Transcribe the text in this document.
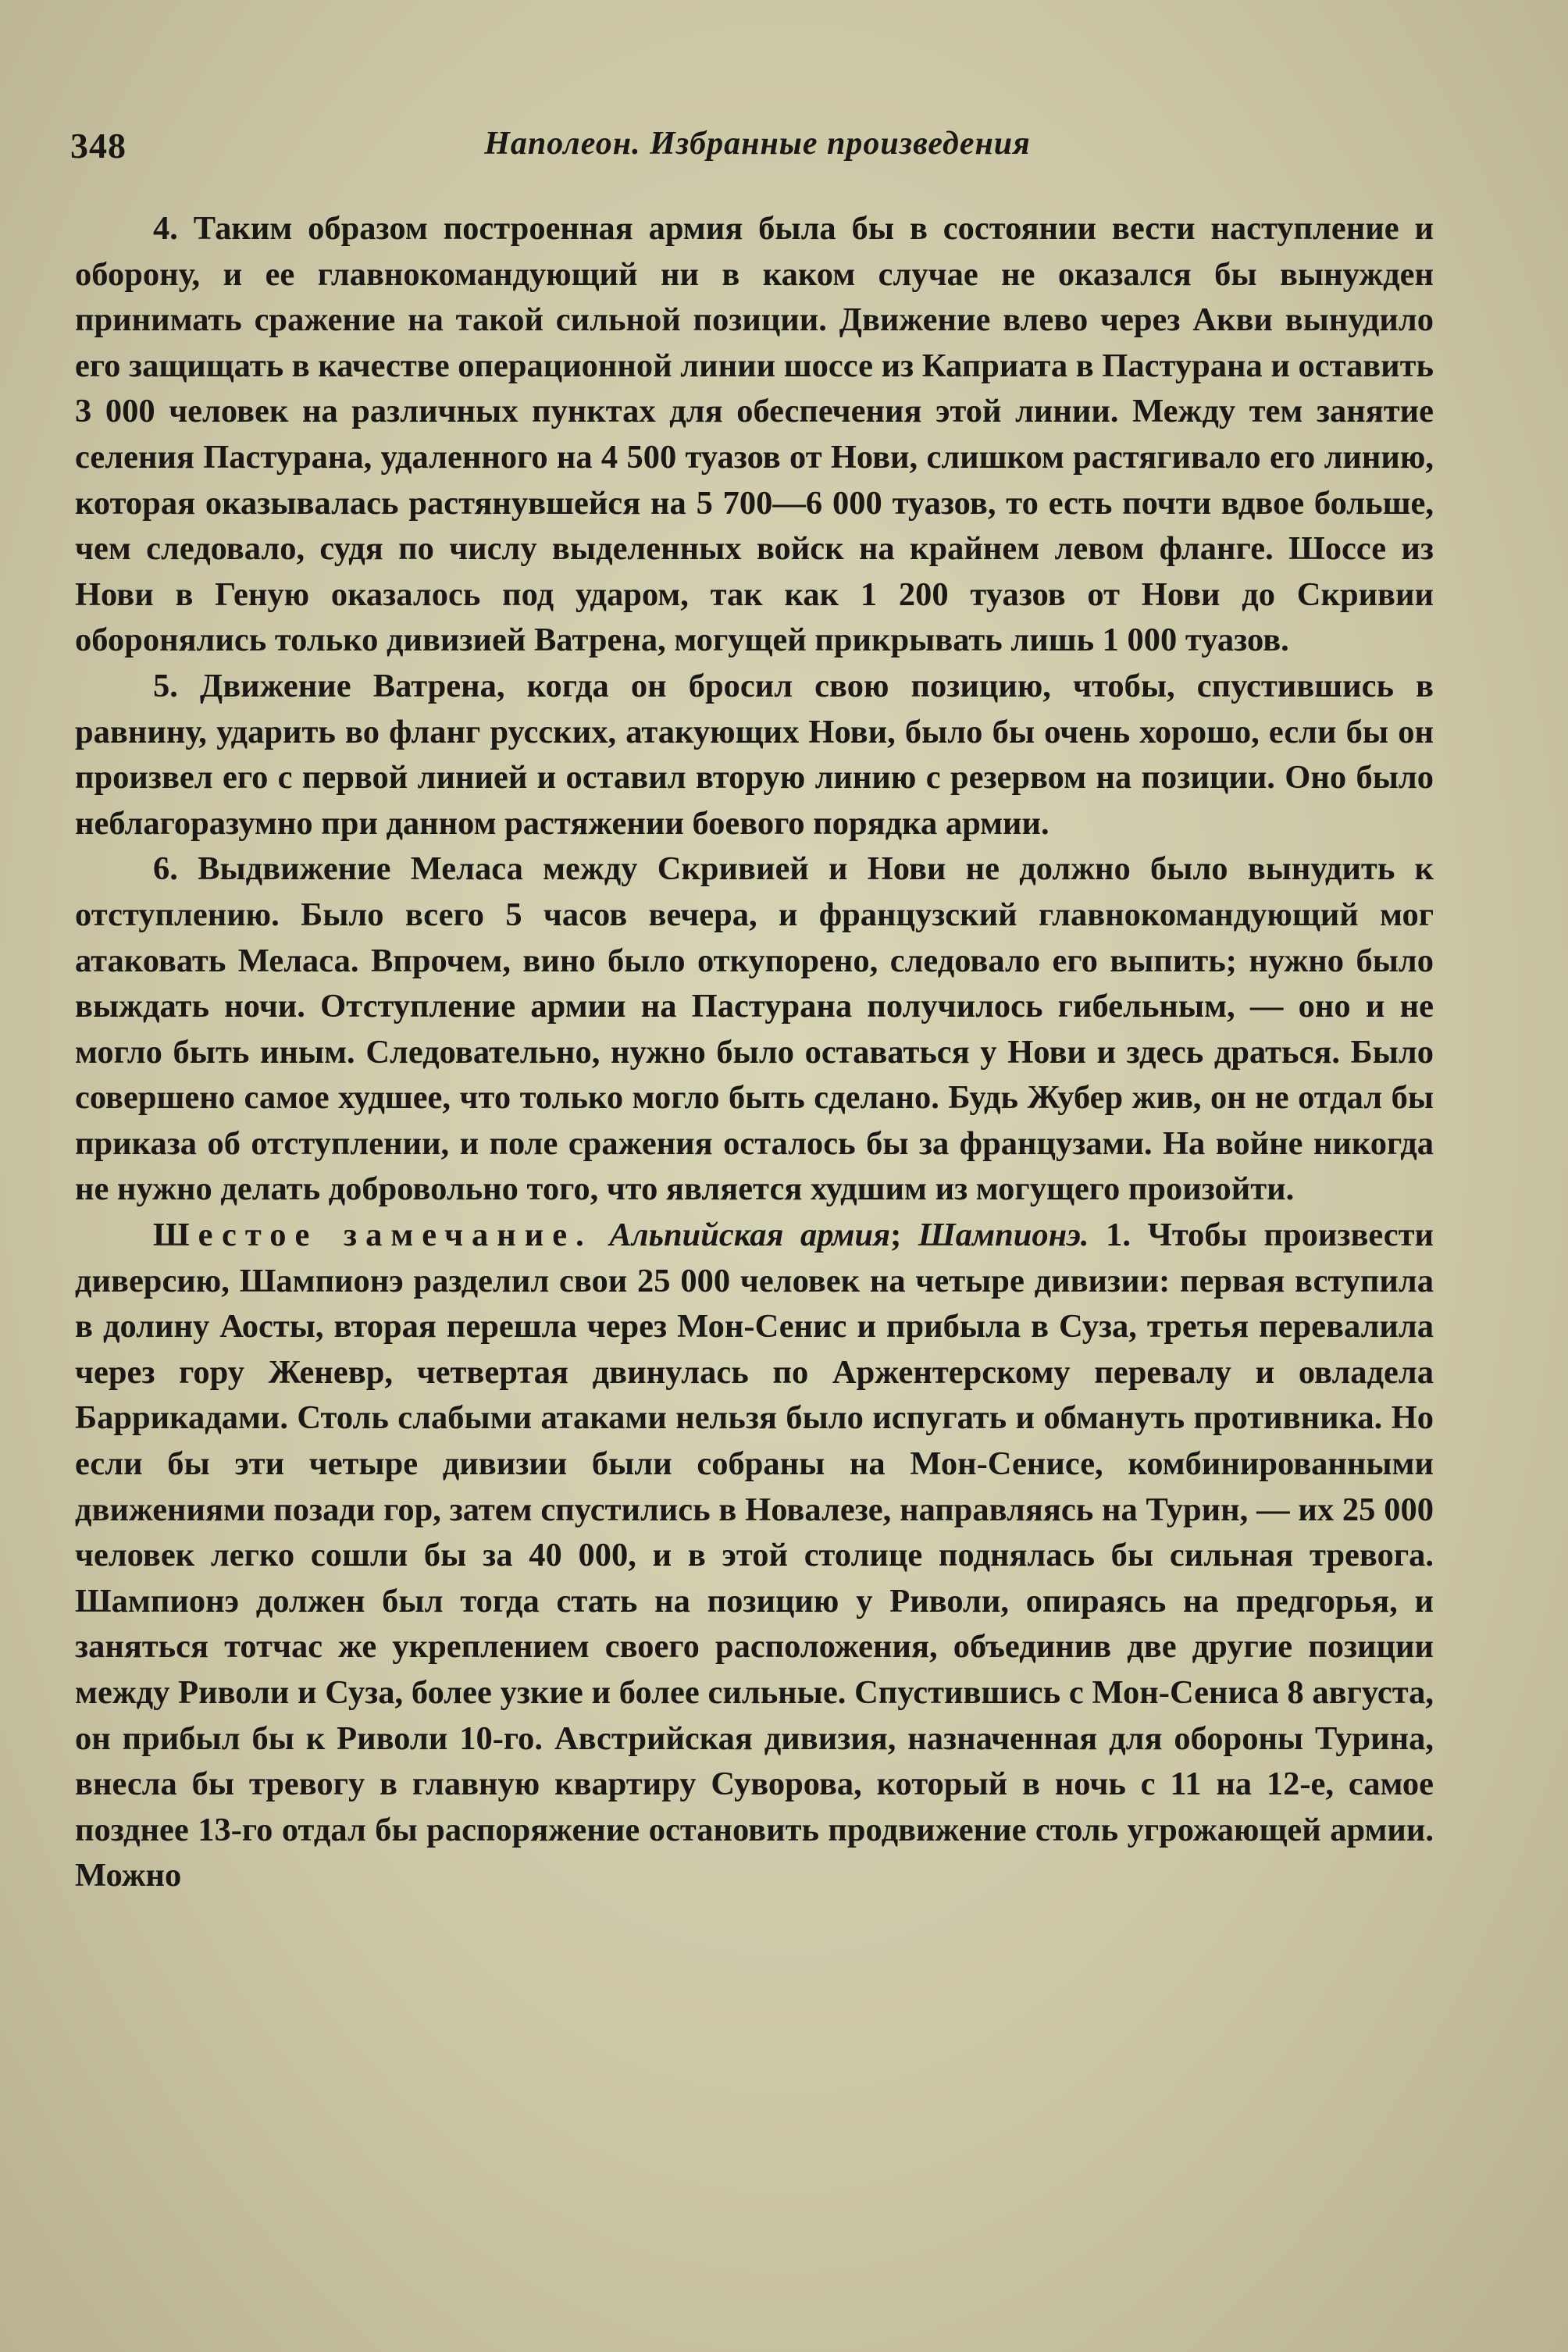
348	Наполеон. Избранные произведения

4. Таким образом построенная армия была бы в состоянии вести наступление и оборону, и ее главнокомандующий ни в каком случае не оказался бы вынужден принимать сражение на такой сильной позиции. Движение влево через Акви вынудило его защищать в качестве операционной линии шоссе из Каприата в Пастурана и оставить 3 000 человек на различных пунктах для обеспечения этой линии. Между тем занятие селения Пастурана, удаленного на 4 500 туазов от Нови, слишком растягивало его линию, которая оказывалась растянувшейся на 5 700—6 000 туазов, то есть почти вдвое больше, чем следовало, судя по числу выделенных войск на крайнем левом фланге. Шоссе из Нови в Геную оказалось под ударом, так как 1 200 туазов от Нови до Скривии оборонялись только дивизией Ватрена, могущей прикрывать лишь 1 000 туазов.

5. Движение Ватрена, когда он бросил свою позицию, чтобы, спустившись в равнину, ударить во фланг русских, атакующих Нови, было бы очень хорошо, если бы он произвел его с первой линией и оставил вторую линию с резервом на позиции. Оно было неблагоразумно при данном растяжении боевого порядка армии.

6. Выдвижение Меласа между Скривией и Нови не должно было вынудить к отступлению. Было всего 5 часов вечера, и французский главнокомандующий мог атаковать Меласа. Впрочем, вино было откупорено, следовало его выпить; нужно было выждать ночи. Отступление армии на Пастурана получилось гибельным, — оно и не могло быть иным. Следовательно, нужно было оставаться у Нови и здесь драться. Было совершено самое худшее, что только могло быть сделано. Будь Жубер жив, он не отдал бы приказа об отступлении, и поле сражения осталось бы за французами. На войне никогда не нужно делать добровольно того, что является худшим из могущего произойти.

Шестое замечание. Альпийская армия; Шампионэ. 1. Чтобы произвести диверсию, Шампионэ разделил свои 25 000 человек на четыре дивизии: первая вступила в долину Аосты, вторая перешла через Мон-Сенис и прибыла в Суза, третья перевалила через гору Женевр, четвертая двинулась по Аржентерскому перевалу и овладела Баррикадами. Столь слабыми атаками нельзя было испугать и обмануть противника. Но если бы эти четыре дивизии были собраны на Мон-Сенисе, комбинированными движениями позади гор, затем спустились в Новалезе, направляясь на Турин, — их 25 000 человек легко сошли бы за 40 000, и в этой столице поднялась бы сильная тревога. Шампионэ должен был тогда стать на позицию у Риволи, опираясь на предгорья, и заняться тотчас же укреплением своего расположения, объединив две другие позиции между Риволи и Суза, более узкие и более сильные. Спустившись с Мон-Сениса 8 августа, он прибыл бы к Риволи 10-го. Австрийская дивизия, назначенная для обороны Турина, внесла бы тревогу в главную квартиру Суворова, который в ночь с 11 на 12-е, самое позднее 13-го отдал бы распоряжение остановить продвижение столь угрожающей армии. Можно
